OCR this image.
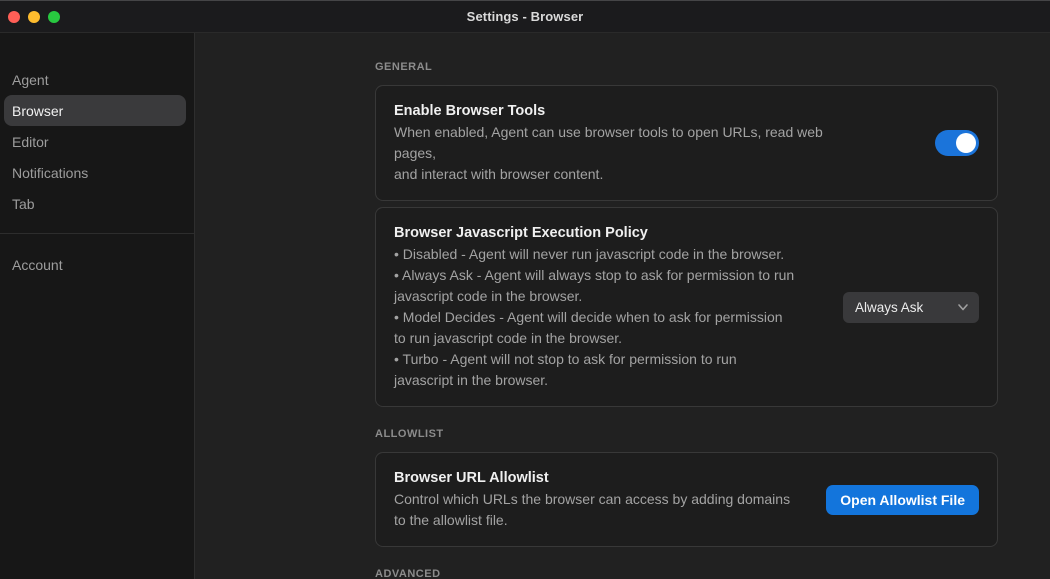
Settings - Browser
Agent
Browser
Editor
Notifications
Tab
Account
GENERAL
Enable Browser Tools
When enabled, Agent can use browser tools to open URLs, read web pages,
and interact with browser content.
Browser Javascript Execution Policy
• Disabled - Agent will never run javascript code in the browser.
• Always Ask - Agent will always stop to ask for permission to run
javascript code in the browser.
• Model Decides - Agent will decide when to ask for permission
to run javascript code in the browser.
• Turbo - Agent will not stop to ask for permission to run
javascript in the browser.
Always Ask
ALLOWLIST
Browser URL Allowlist
Control which URLs the browser can access by adding domains
to the allowlist file.
Open Allowlist File
ADVANCED
